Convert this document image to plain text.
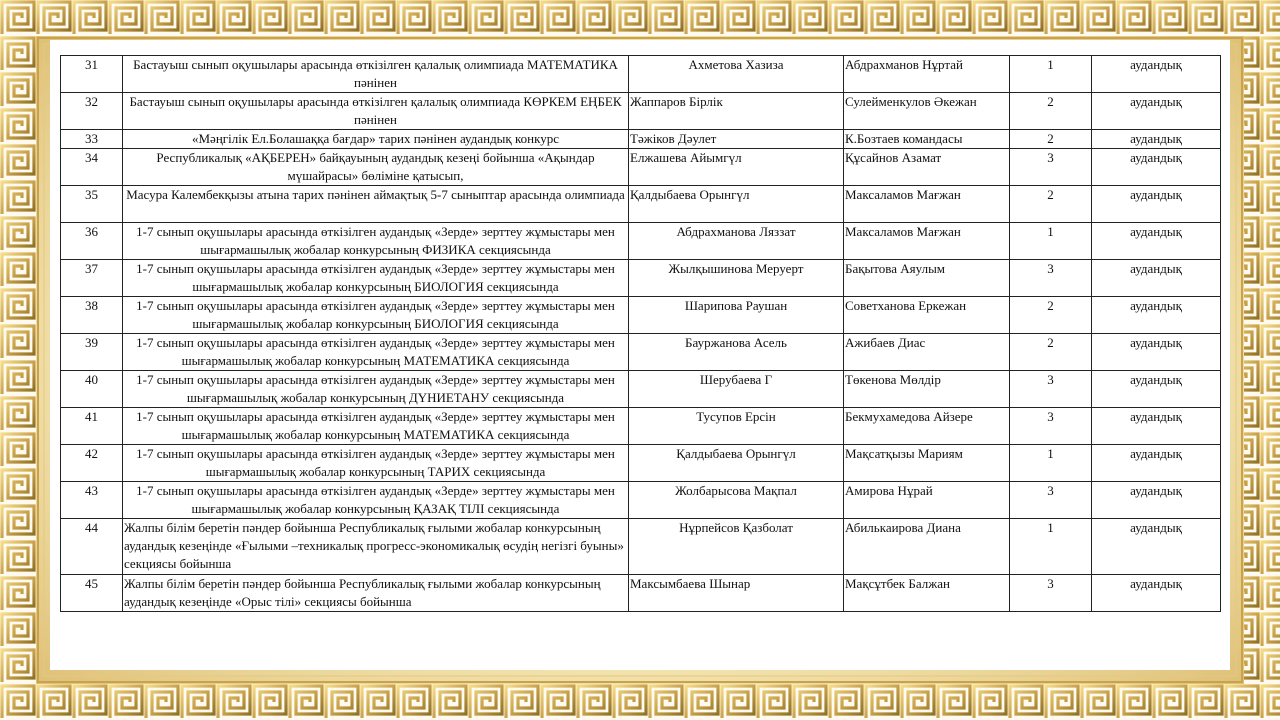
31	Бастауыш сынып оқушылары арасында өткізілген қалалық олимпиада МАТЕМАТИКА пәнінен	Ахметова Хазиза	Абдрахманов Нұртай	1	аудандық
32	Бастауыш сынып оқушылары арасында өткізілген қалалық олимпиада КӨРКЕМ ЕҢБЕК пәнінен	Жаппаров Бірлік	Сулейменкулов Әкежан	2	аудандық
33	«Мәңгілік Ел.Болашаққа бағдар» тарих пәнінен аудандық конкурс	Тәжіков Дәулет	К.Бозтаев командасы	2	аудандық
34	Республикалық «АҚБЕРЕН» байқауының аудандық кезеңі бойынша «Ақындар мүшайрасы» бөліміне қатысып,	Елжашева Айымгүл	Құсайнов Азамат	3	аудандық
35	Масура Калембекқызы атына тарих пәнінен аймақтық 5-7 сыныптар арасында олимпиада	Қалдыбаева Орынгүл	Максаламов Мағжан	2	аудандық
36	1-7 сынып оқушылары арасында өткізілген аудандық «Зерде» зерттеу жұмыстары мен шығармашылық жобалар конкурсының ФИЗИКА секциясында	Абдрахманова Ляззат	Максаламов Мағжан	1	аудандық
37	1-7 сынып оқушылары арасында өткізілген аудандық «Зерде» зерттеу жұмыстары мен шығармашылық жобалар конкурсының БИОЛОГИЯ секциясында	Жылқышинова Меруерт	Бақытова Аяулым	3	аудандық
38	1-7 сынып оқушылары арасында өткізілген аудандық «Зерде» зерттеу жұмыстары мен шығармашылық жобалар конкурсының БИОЛОГИЯ секциясында	Шарипова Раушан	Советханова Еркежан	2	аудандық
39	1-7 сынып оқушылары арасында өткізілген аудандық «Зерде» зерттеу жұмыстары мен шығармашылық жобалар конкурсының МАТЕМАТИКА секциясында	Бауржанова Асель	Ажибаев Диас	2	аудандық
40	1-7 сынып оқушылары арасында өткізілген аудандық «Зерде» зерттеу жұмыстары мен шығармашылық жобалар конкурсының ДҮНИЕТАНУ секциясында	Шерубаева Г	Төкенова Мөлдір	3	аудандық
41	1-7 сынып оқушылары арасында өткізілген аудандық «Зерде» зерттеу жұмыстары мен шығармашылық жобалар конкурсының МАТЕМАТИКА секциясында	Тусупов Ерсін	Бекмухамедова Айзере	3	аудандық
42	1-7 сынып оқушылары арасында өткізілген аудандық «Зерде» зерттеу жұмыстары мен шығармашылық жобалар конкурсының ТАРИХ секциясында	Қалдыбаева Орынгүл	Мақсатқызы Мариям	1	аудандық
43	1-7 сынып оқушылары арасында өткізілген аудандық «Зерде» зерттеу жұмыстары мен шығармашылық жобалар конкурсының ҚАЗАҚ ТІЛІ секциясында	Жолбарысова Мақпал	Амирова Нұрай	3	аудандық
44	Жалпы білім беретін пәндер бойынша Республикалық ғылыми жобалар конкурсының аудандық кезеңінде «Ғылыми –техникалық прогресс-экономикалық өсудің негізгі буыны» секциясы бойынша	Нұрпейсов Қазболат	Абилькаирова Диана	1	аудандық
45	Жалпы білім беретін пәндер бойынша Республикалық ғылыми жобалар конкурсының аудандық кезеңінде «Орыс тілі» секциясы бойынша	Максымбаева Шынар	Мақсұтбек Балжан	3	аудандық
